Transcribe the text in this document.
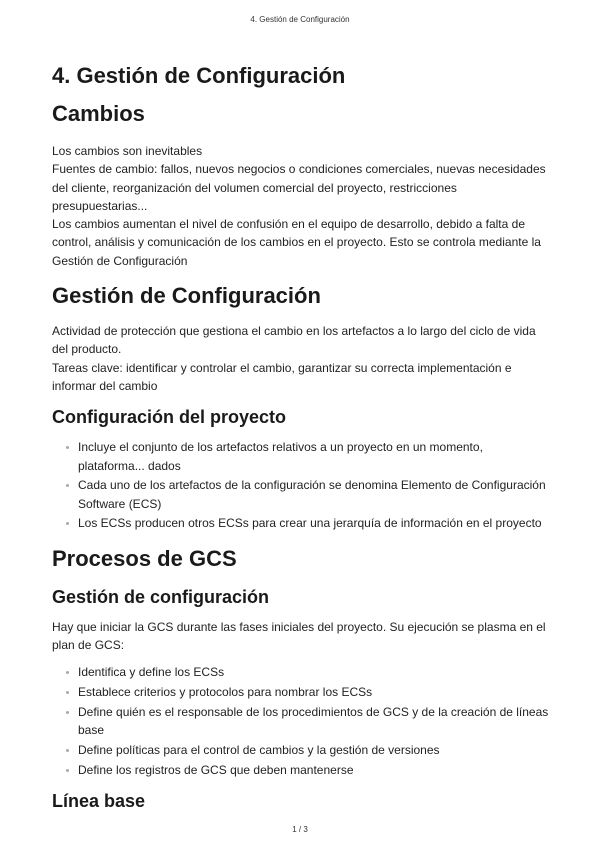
4. Gestión de Configuración
4. Gestión de Configuración
Cambios

Los cambios son inevitables

Fuentes de cambio: fallos, nuevos negocios o condiciones comerciales, nuevas necesidades del cliente, reorganización del volumen comercial del proyecto, restricciones presupuestarias...

Los cambios aumentan el nivel de confusión en el equipo de desarrollo, debido a falta de control, análisis y comunicación de los cambios en el proyecto. Esto se controla mediante la Gestión de Configuración

Gestión de Configuración

Actividad de protección que gestiona el cambio en los artefactos a lo largo del ciclo de vida del producto.

Tareas clave: identificar y controlar el cambio, garantizar su correcta implementación e informar del cambio

Configuración del proyecto
Incluye el conjunto de los artefactos relativos a un proyecto en un momento, plataforma... dados
Cada uno de los artefactos de la configuración se denomina Elemento de Configuración Software (ECS)
Los ECSs producen otros ECSs para crear una jerarquía de información en el proyecto
Procesos de GCS
Gestión de configuración

Hay que iniciar la GCS durante las fases iniciales del proyecto. Su ejecución se plasma en el plan de GCS:

Identifica y define los ECSs
Establece criterios y protocolos para nombrar los ECSs
Define quién es el responsable de los procedimientos de GCS y de la creación de líneas base
Define políticas para el control de cambios y la gestión de versiones
Define los registros de GCS que deben mantenerse
Línea base
1 / 3
